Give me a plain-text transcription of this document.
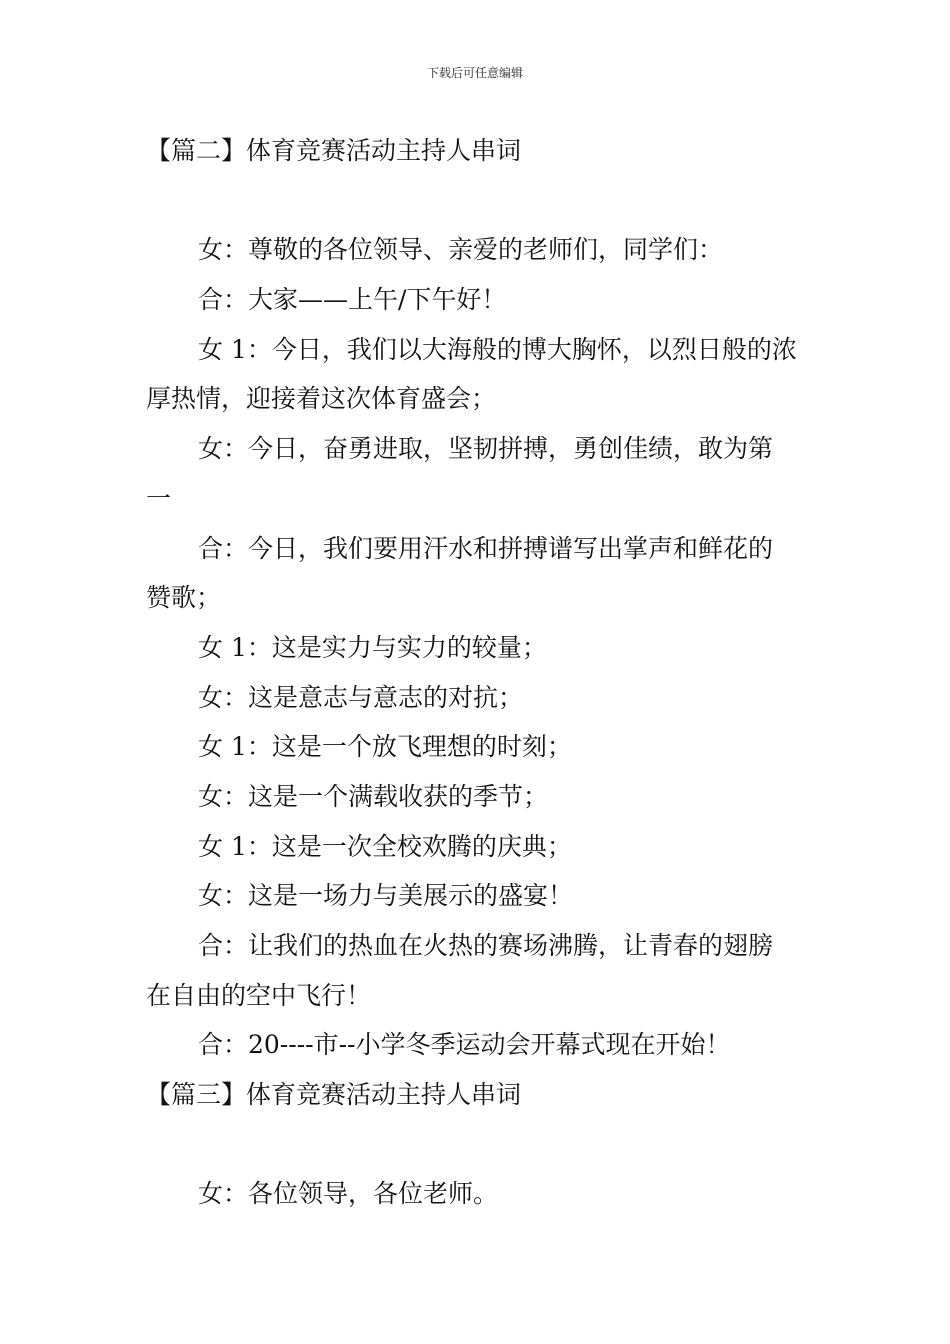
下载后可任意编辑
【篇二】体育竞赛活动主持人串词
女：尊敬的各位领导、亲爱的老师们，同学们：
合：大家——上午/下午好！
女 1：今日，我们以大海般的博大胸怀，以烈日般的浓
厚热情，迎接着这次体育盛会；
女：今日，奋勇进取，坚韧拼搏，勇创佳绩，敢为第
一
合：今日，我们要用汗水和拼搏谱写出掌声和鲜花的
赞歌；
女 1：这是实力与实力的较量；
女：这是意志与意志的对抗；
女 1：这是一个放飞理想的时刻；
女：这是一个满载收获的季节；
女 1：这是一次全校欢腾的庆典；
女：这是一场力与美展示的盛宴！
合：让我们的热血在火热的赛场沸腾，让青春的翅膀
在自由的空中飞行！
合：20----市--小学冬季运动会开幕式现在开始！
【篇三】体育竞赛活动主持人串词
女：各位领导，各位老师。
